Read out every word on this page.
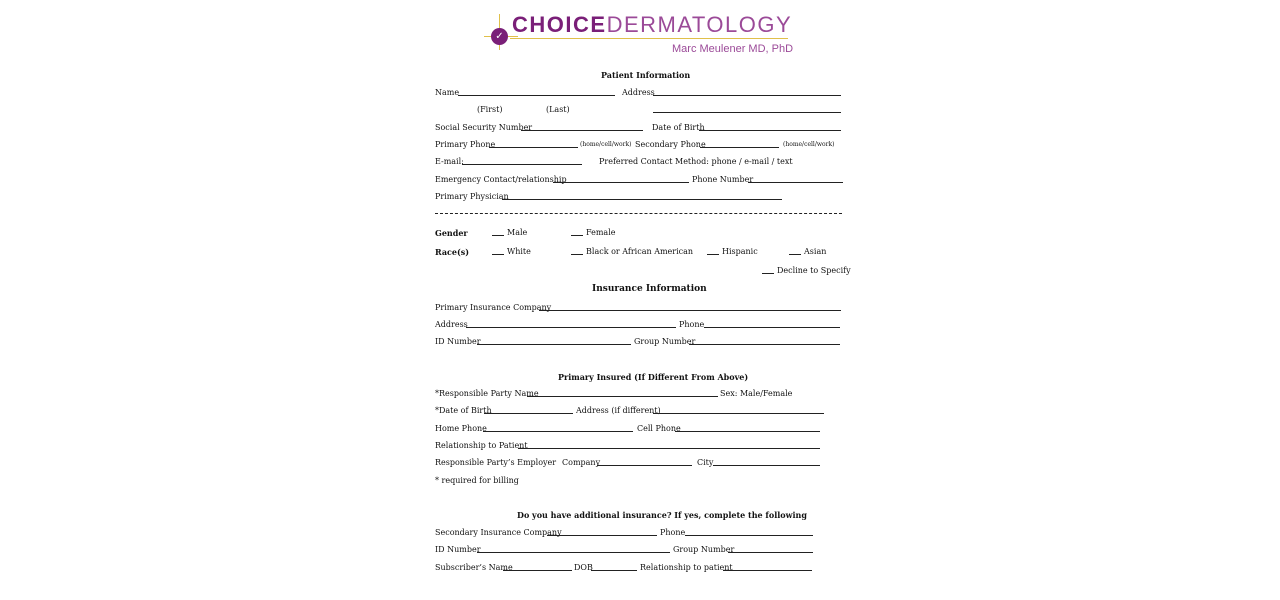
✓ CHOICEDERMATOLOGY
Marc Meulener MD, PhD
Patient Information
Name	Address
(First)	(Last)
Social Security Number	Date of Birth
Primary Phone	(home/cell/work) Secondary Phone	(home/cell/work)
E-mail:	Preferred Contact Method: phone / e-mail / text
Emergency Contact/relationship	Phone Number
Primary Physician
Gender	Male	Female
Race(s)	White	Black or African American	Hispanic	Asian
Decline to Specify
Insurance Information
Primary Insurance Company
Address	Phone
ID Number	Group Number
Primary Insured (If Different From Above)
*Responsible Party Name	Sex: Male/Female
*Date of Birth	Address (if different)
Home Phone	Cell Phone
Relationship to Patient
Responsible Party’s Employer Company	City
* required for billing
Do you have additional insurance? If yes, complete the following
Secondary Insurance Company	Phone
ID Number	Group Number
Subscriber’s Name	DOB	Relationship to patient
